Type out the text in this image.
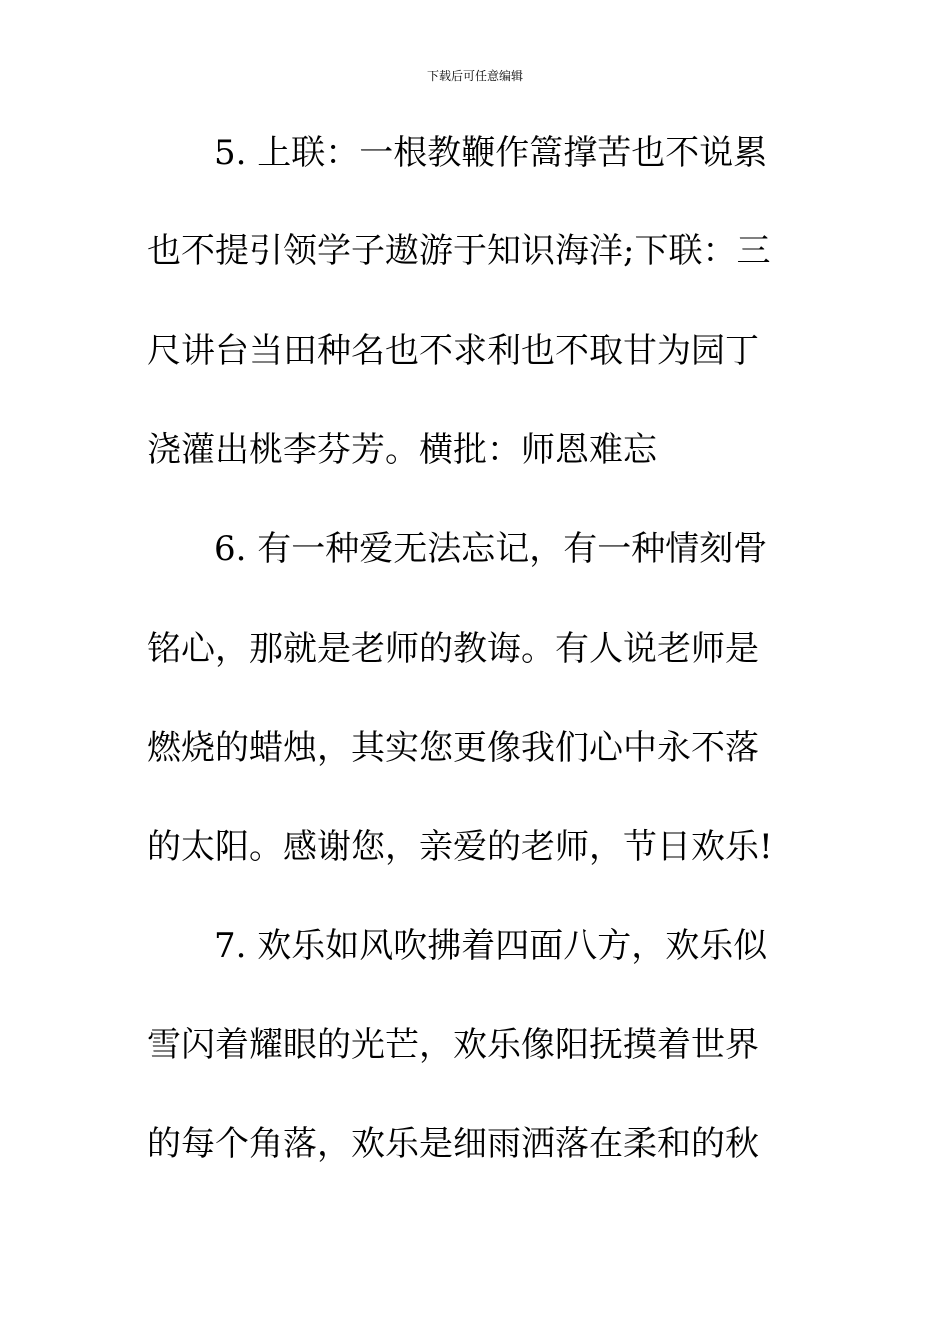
下载后可任意编辑
5. 上联：一根教鞭作篙撑苦也不说累
也不提引领学子遨游于知识海洋;下联：三
尺讲台当田种名也不求利也不取甘为园丁
浇灌出桃李芬芳。横批：师恩难忘
6. 有一种爱无法忘记，有一种情刻骨
铭心，那就是老师的教诲。有人说老师是
燃烧的蜡烛，其实您更像我们心中永不落
的太阳。感谢您，亲爱的老师，节日欢乐!
7. 欢乐如风吹拂着四面八方，欢乐似
雪闪着耀眼的光芒，欢乐像阳抚摸着世界
的每个角落，欢乐是细雨洒落在柔和的秋
